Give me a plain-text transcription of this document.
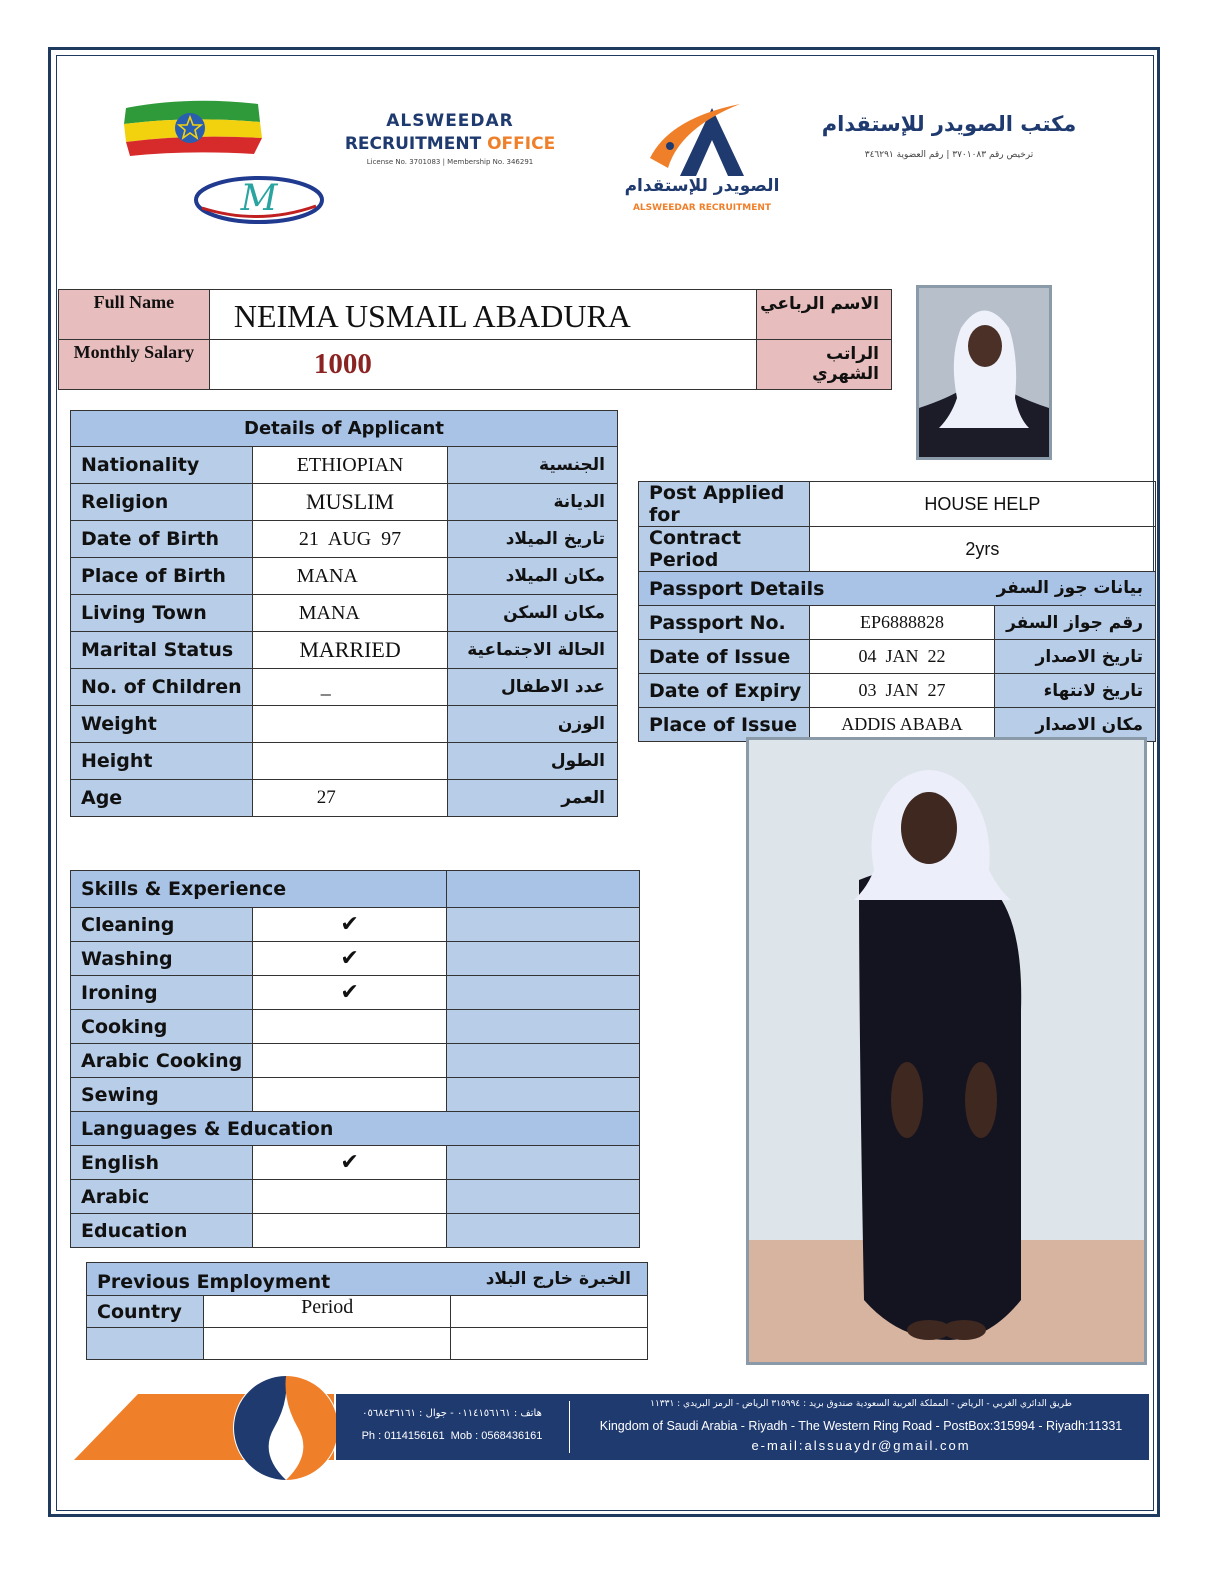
M
ALSWEEDAR
RECRUITMENT OFFICE
License No. 3701083 | Membership No. 346291
الصويدر للإستقدام
ALSWEEDAR RECRUITMENT
مكتب الصويدر للإستقدام
ترخيص رقم ٣٧٠١٠٨٣ | رقم العضوية ٣٤٦٢٩١
Full Name	NEIMA USMAIL ABADURA	الاسم الرباعي
Monthly Salary	1000	الراتب الشهري
Details of Applicant		
Nationality	ETHIOPIAN	الجنسية
Religion	MUSLIM	الديانة
Date of Birth	21  AUG  97	تاريخ الميلاد
Place of Birth	MANA	مكان الميلاد
Living Town	MANA	مكان السكن
Marital Status	MARRIED	الحالة الاجتماعية
No. of Children	_	عدد الاطفال
Weight		الوزن
Height		الطول
Age	27	العمر
Post Applied for	HOUSE HELP	
Contract Period	2yrs	
Passport Details بيانات جوز السفر		

Passport No.	EP6888828	رقم جواز السفر
Date of Issue	04  JAN  22	تاريخ الاصدار
Date of Expiry	03  JAN  27	تاريخ لانتهاء
Place of Issue	ADDIS ABABA	مكان الاصدار
Skills & Experience		
Cleaning	✔	
Washing	✔	
Ironing	✔	
Cooking		
Arabic Cooking		
Sewing		
Languages & Education		
English	✔	
Arabic		
Education		
Previous Employment الخبرة خارج البلاد		

Country	Period	

هاتف : ٠١١٤١٥٦١٦١ - جوال : ٠٥٦٨٤٣٦١٦١
Ph : 0114156161  Mob : 0568436161
طريق الدائري الغربي - الرياض - المملكة العربية السعودية صندوق بريد : ٣١٥٩٩٤ الرياض - الرمز البريدي : ١١٣٣١
Kingdom of Saudi Arabia - Riyadh - The Western Ring Road - PostBox:315994 - Riyadh:11331
e-mail:alssuaydr@gmail.com
